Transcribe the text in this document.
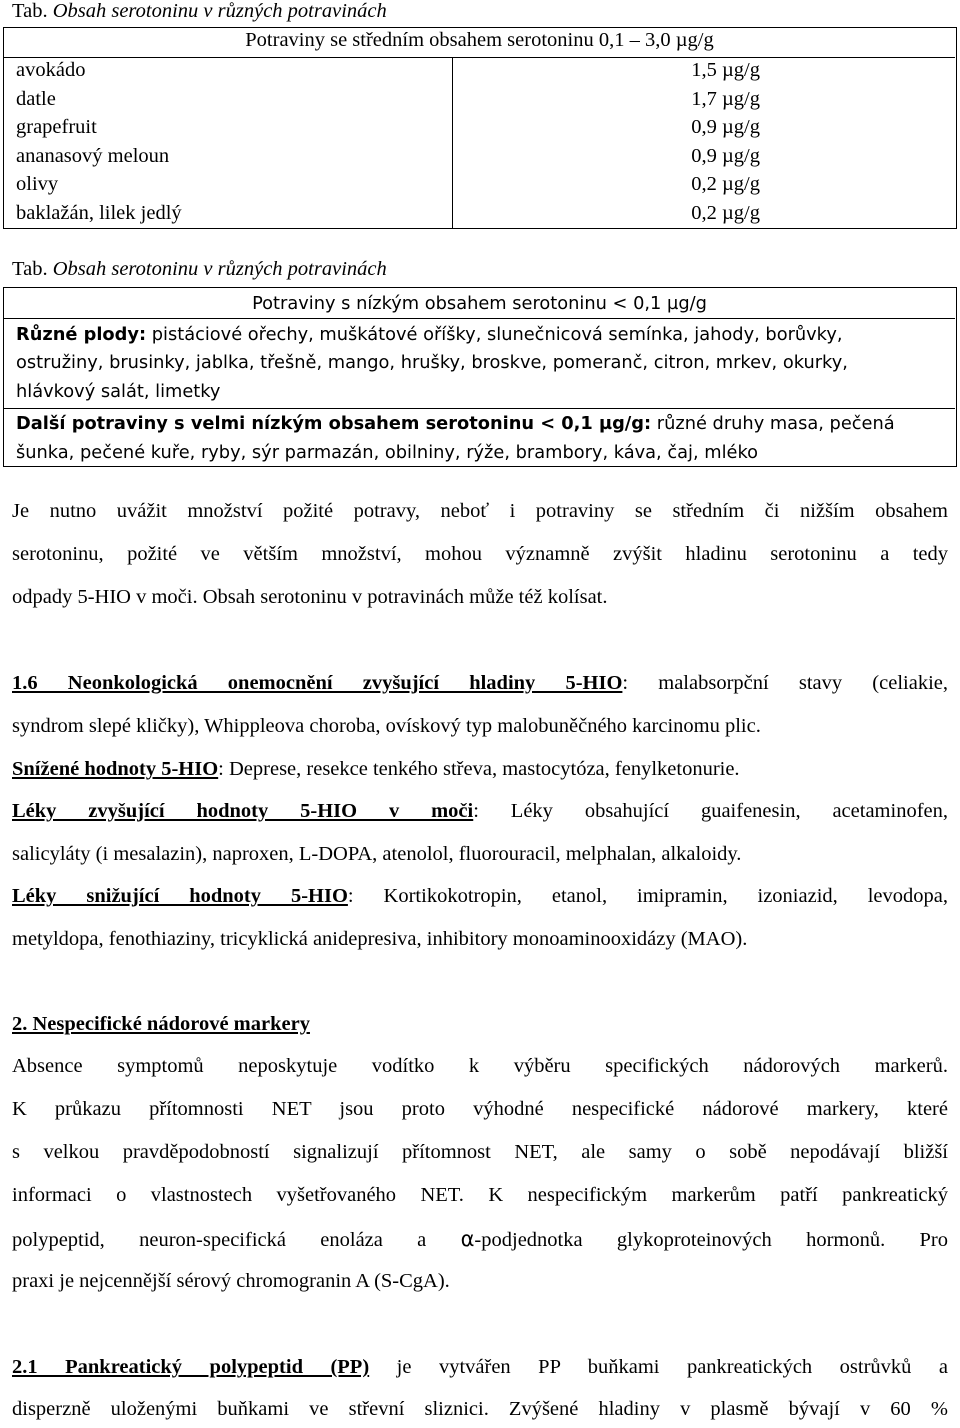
Tab. Obsah serotoninu v různých potravinách
Potraviny se středním obsahem serotoninu 0,1 – 3,0 µg/g
avokádo	1,5 µg/g
datle	1,7 µg/g
grapefruit	0,9 µg/g
ananasový meloun	0,9 µg/g
olivy	0,2 µg/g
baklažán, lilek jedlý	0,2 µg/g
Tab. Obsah serotoninu v různých potravinách
Potraviny s nízkým obsahem serotoninu < 0,1 µg/g
Různé plody: pistáciové ořechy, muškátové oříšky, slunečnicová semínka, jahody, borůvky,
ostružiny, brusinky, jablka, třešně, mango, hrušky, broskve, pomeranč, citron, mrkev, okurky,
hlávkový salát, limetky
Další potraviny s velmi nízkým obsahem serotoninu < 0,1 µg/g: různé druhy masa, pečená
šunka, pečené kuře, ryby, sýr parmazán, obilniny, rýže, brambory, káva, čaj, mléko
Je nutno uvážit množství požité potravy, neboť i potraviny se středním či nižším obsahem
serotoninu, požité ve větším množství, mohou významně zvýšit hladinu serotoninu a tedy
odpady 5-HIO v moči. Obsah serotoninu v potravinách může též kolísat.
1.6 Neonkologická onemocnění zvyšující hladiny 5-HIO: malabsorpční stavy (celiakie,
syndrom slepé kličky), Whippleova choroba, ovískový typ malobuněčného karcinomu plic.
Snížené hodnoty 5-HIO: Deprese, resekce tenkého střeva, mastocytóza, fenylketonurie.
Léky zvyšující hodnoty 5-HIO v moči: Léky obsahující guaifenesin, acetaminofen,
salicyláty (i mesalazin), naproxen, L-DOPA, atenolol, fluorouracil, melphalan, alkaloidy.
Léky snižující hodnoty 5-HIO: Kortikokotropin, etanol, imipramin, izoniazid, levodopa,
metyldopa, fenothiaziny, tricyklická anidepresiva, inhibitory monoaminooxidázy (MAO).
2. Nespecifické nádorové markery
Absence symptomů neposkytuje vodítko k výběru specifických nádorových markerů.
K průkazu přítomnosti NET jsou proto výhodné nespecifické nádorové markery, které
s velkou pravděpodobností signalizují přítomnost NET, ale samy o sobě nepodávají bližší
informaci o vlastnostech vyšetřovaného NET. K nespecifickým markerům patří pankreatický
polypeptid, neuron-specifická enoláza a α-podjednotka glykoproteinových hormonů. Pro
praxi je nejcennější sérový chromogranin A (S-CgA).
2.1 Pankreatický polypeptid (PP) je vytvářen PP buňkami pankreatických ostrůvků a
disperzně uloženými buňkami ve střevní sliznici. Zvýšené hladiny v plasmě bývají v 60 %
